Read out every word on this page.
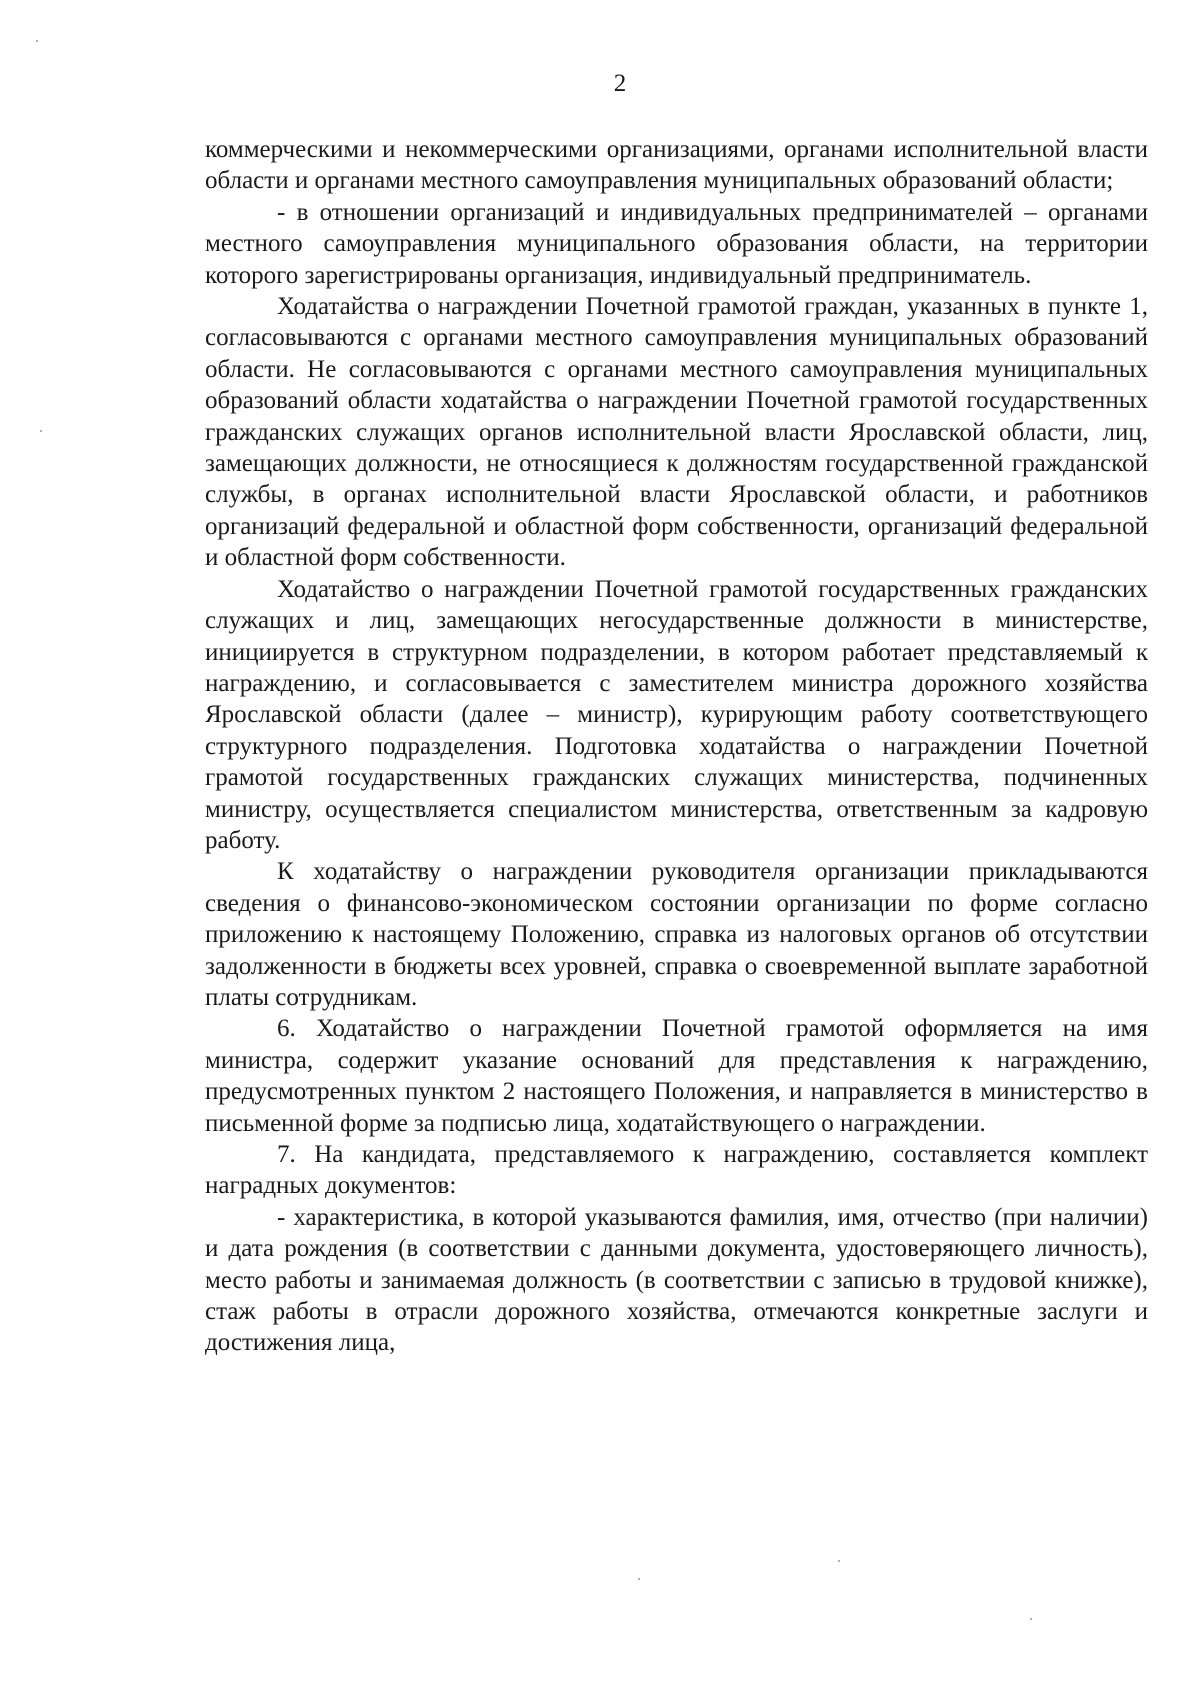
2

коммерческими и некоммерческими организациями, органами исполнительной власти области и органами местного самоуправления муниципальных образований области;

- в отношении организаций и индивидуальных предпринимателей – органами местного самоуправления муниципального образования области, на территории которого зарегистрированы организация, индивидуальный предприниматель.

Ходатайства о награждении Почетной грамотой граждан, указанных в пункте 1, согласовываются с органами местного самоуправления муниципальных образований области. Не согласовываются с органами местного самоуправления муниципальных образований области ходатайства о награждении Почетной грамотой государственных гражданских служащих органов исполнительной власти Ярославской области, лиц, замещающих должности, не относящиеся к должностям государственной гражданской службы, в органах исполнительной власти Ярославской области, и работников организаций федеральной и областной форм собственности, организаций федеральной и областной форм собственности.

Ходатайство о награждении Почетной грамотой государственных гражданских служащих и лиц, замещающих негосударственные должности в министерстве, инициируется в структурном подразделении, в котором работает представляемый к награждению, и согласовывается с заместителем министра дорожного хозяйства Ярославской области (далее – министр), курирующим работу соответствующего структурного подразделения. Подготовка ходатайства о награждении Почетной грамотой государственных гражданских служащих министерства, подчиненных министру, осуществляется специалистом министерства, ответственным за кадровую работу.

К ходатайству о награждении руководителя организации прикладываются сведения о финансово-экономическом состоянии организации по форме согласно приложению к настоящему Положению, справка из налоговых органов об отсутствии задолженности в бюджеты всех уровней, справка о своевременной выплате заработной платы сотрудникам.

6. Ходатайство о награждении Почетной грамотой оформляется на имя министра, содержит указание оснований для представления к награждению, предусмотренных пунктом 2 настоящего Положения, и направляется в министерство в письменной форме за подписью лица, ходатайствующего о награждении.

7. На кандидата, представляемого к награждению, составляется комплект наградных документов:

- характеристика, в которой указываются фамилия, имя, отчество (при наличии) и дата рождения (в соответствии с данными документа, удостоверяющего личность), место работы и занимаемая должность (в соответствии с записью в трудовой книжке), стаж работы в отрасли дорожного хозяйства, отмечаются конкретные заслуги и достижения лица,
